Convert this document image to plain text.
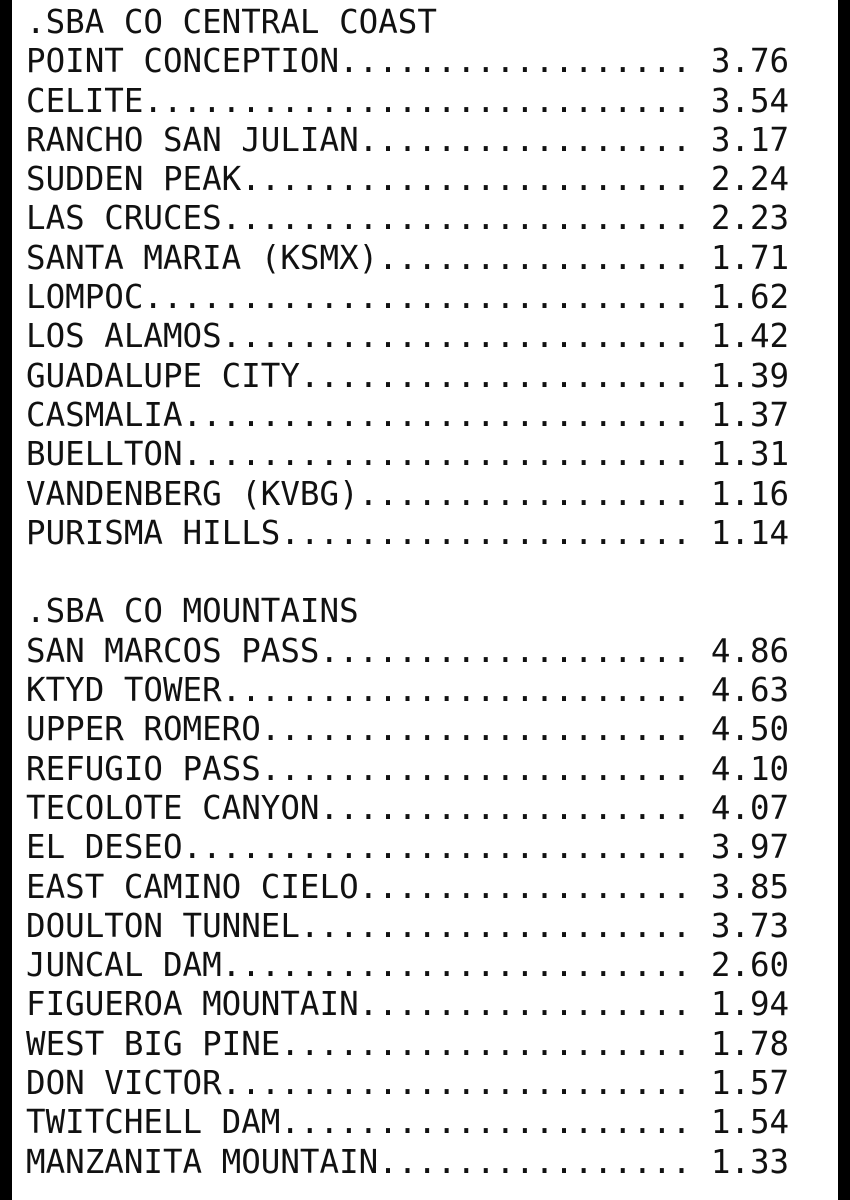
.SBA CO CENTRAL COAST
POINT CONCEPTION.................. 3.76
CELITE............................ 3.54
RANCHO SAN JULIAN................. 3.17
SUDDEN PEAK....................... 2.24
LAS CRUCES........................ 2.23
SANTA MARIA (KSMX)................ 1.71
LOMPOC............................ 1.62
LOS ALAMOS........................ 1.42
GUADALUPE CITY.................... 1.39
CASMALIA.......................... 1.37
BUELLTON.......................... 1.31
VANDENBERG (KVBG)................. 1.16
PURISMA HILLS..................... 1.14
.SBA CO MOUNTAINS
SAN MARCOS PASS................... 4.86
KTYD TOWER........................ 4.63
UPPER ROMERO...................... 4.50
REFUGIO PASS...................... 4.10
TECOLOTE CANYON................... 4.07
EL DESEO.......................... 3.97
EAST CAMINO CIELO................. 3.85
DOULTON TUNNEL.................... 3.73
JUNCAL DAM........................ 2.60
FIGUEROA MOUNTAIN................. 1.94
WEST BIG PINE..................... 1.78
DON VICTOR........................ 1.57
TWITCHELL DAM..................... 1.54
MANZANITA MOUNTAIN................ 1.33
